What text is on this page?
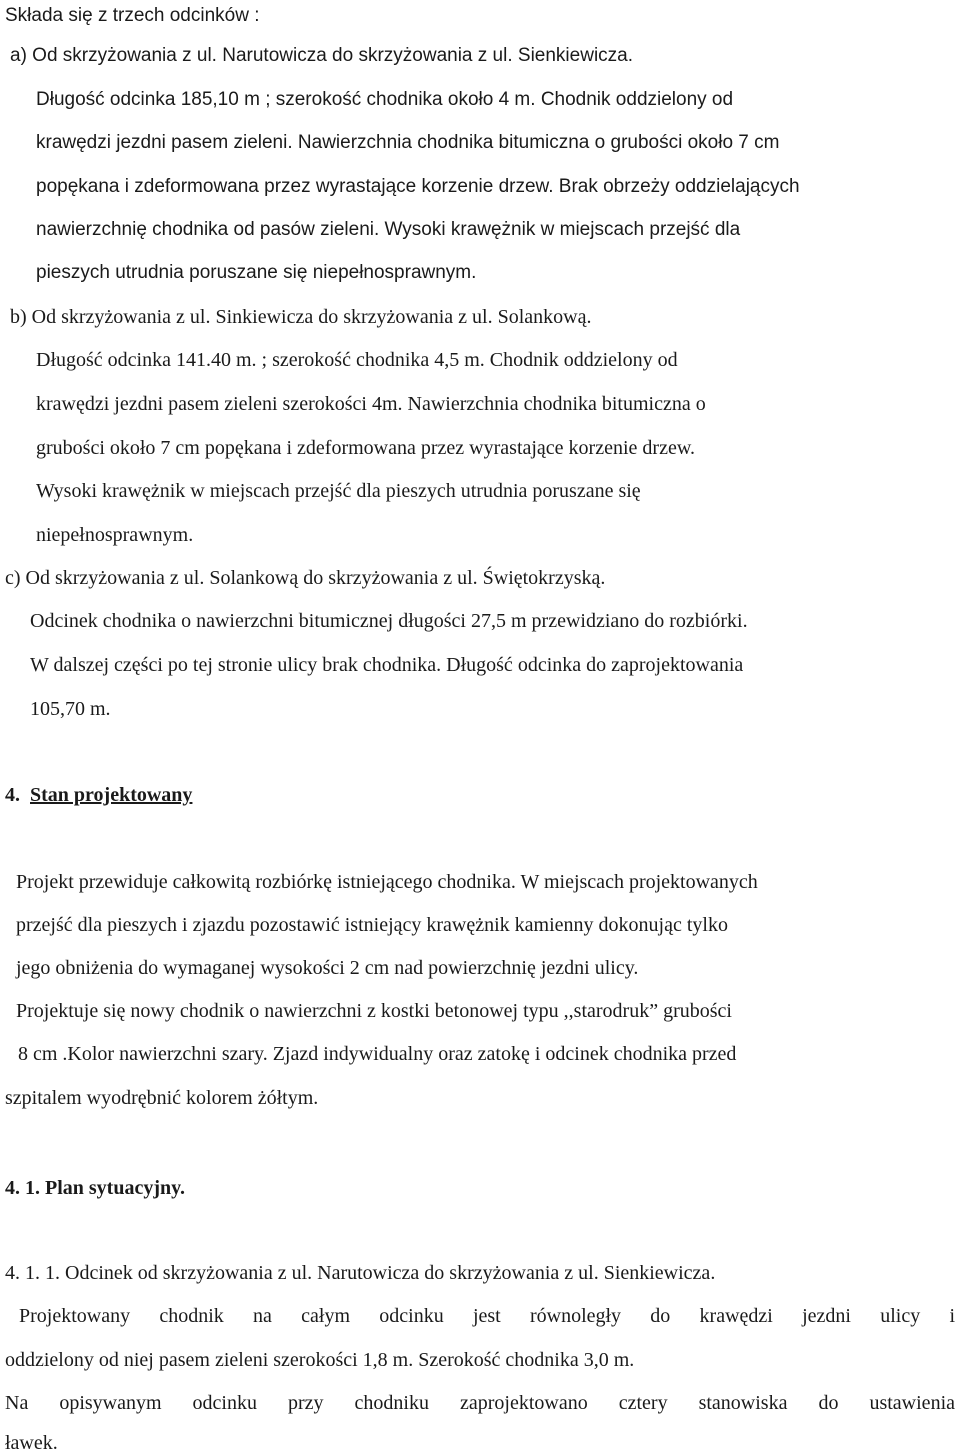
Składa się z trzech odcinków :

a) Od skrzyżowania z ul. Narutowicza do skrzyżowania z ul. Sienkiewicza.

Długość odcinka 185,10 m ; szerokość chodnika około 4 m. Chodnik oddzielony od

krawędzi jezdni pasem zieleni. Nawierzchnia chodnika bitumiczna o grubości około 7 cm

popękana i zdeformowana przez wyrastające korzenie drzew. Brak obrzeży oddzielających

nawierzchnię chodnika od pasów zieleni. Wysoki krawężnik w miejscach przejść dla

pieszych utrudnia poruszane się niepełnosprawnym.

b) Od skrzyżowania z ul. Sinkiewicza do skrzyżowania z ul. Solankową.

Długość odcinka 141.40 m. ; szerokość chodnika 4,5 m. Chodnik oddzielony od

krawędzi jezdni pasem zieleni szerokości 4m. Nawierzchnia chodnika bitumiczna o

grubości około 7 cm popękana i zdeformowana przez wyrastające korzenie drzew.

Wysoki krawężnik w miejscach przejść dla pieszych utrudnia poruszane się

niepełnosprawnym.

c) Od skrzyżowania z ul. Solankową do skrzyżowania z ul. Świętokrzyską.

Odcinek chodnika o nawierzchni bitumicznej długości 27,5 m przewidziano do rozbiórki.

W dalszej części po tej stronie ulicy brak chodnika. Długość odcinka do zaprojektowania

105,70 m.

4. Stan projektowany

Projekt przewiduje całkowitą rozbiórkę istniejącego chodnika. W miejscach projektowanych

przejść dla pieszych i zjazdu pozostawić istniejący krawężnik kamienny dokonując tylko

jego obniżenia do wymaganej wysokości 2 cm nad powierzchnię jezdni ulicy.

Projektuje się nowy chodnik o nawierzchni z kostki betonowej typu ,,starodruk” grubości

8 cm .Kolor nawierzchni szary. Zjazd indywidualny oraz zatokę i odcinek chodnika przed

szpitalem wyodrębnić kolorem żółtym.

4. 1. Plan sytuacyjny.

4. 1. 1. Odcinek od skrzyżowania z ul. Narutowicza do skrzyżowania z ul. Sienkiewicza.

Projektowany chodnik na całym odcinku jest równoległy do krawędzi jezdni ulicy i

oddzielony od niej pasem zieleni szerokości 1,8 m. Szerokość chodnika 3,0 m.

Na opisywanym odcinku przy chodniku zaprojektowano cztery stanowiska do ustawienia

ławek.
